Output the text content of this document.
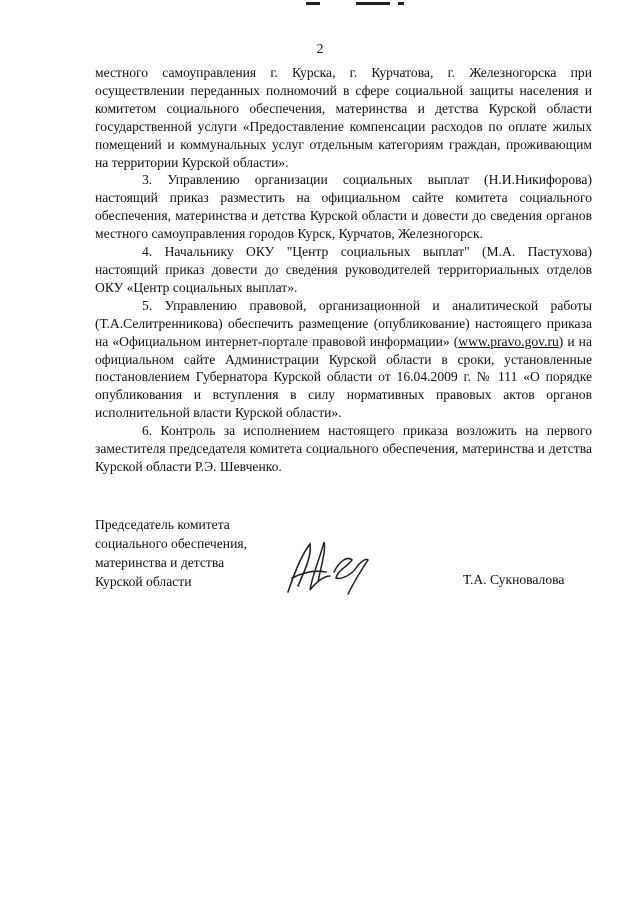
2

местного самоуправления г. Курска, г. Курчатова, г. Железногорска при осуществлении переданных полномочий в сфере социальной защиты населения и комитетом социального обеспечения, материнства и детства Курской области государственной услуги «Предоставление компенсации расходов по оплате жилых помещений и коммунальных услуг отдельным категориям граждан, проживающим на территории Курской области».

3. Управлению организации социальных выплат (Н.И.Никифорова) настоящий приказ разместить на официальном сайте комитета социального обеспечения, материнства и детства Курской области и довести до сведения органов местного самоуправления городов Курск, Курчатов, Железногорск.

4. Начальнику ОКУ "Центр социальных выплат" (М.А. Пастухова) настоящий приказ довести до сведения руководителей территориальных отделов ОКУ «Центр социальных выплат».

5. Управлению правовой, организационной и аналитической работы (Т.А.Селитренникова) обеспечить размещение (опубликование) настоящего приказа на «Официальном интернет-портале правовой информации» (www.pravo.gov.ru) и на официальном сайте Администрации Курской области в сроки, установленные постановлением Губернатора Курской области от 16.04.2009 г. № 111 «О порядке опубликования и вступления в силу нормативных правовых актов органов исполнительной власти Курской области».

6. Контроль за исполнением настоящего приказа возложить на первого заместителя председателя комитета социального обеспечения, материнства и детства Курской области Р.Э. Шевченко.

Председатель комитета
социального обеспечения,
материнства и детства
Курской области	Т.А. Сукновалова
